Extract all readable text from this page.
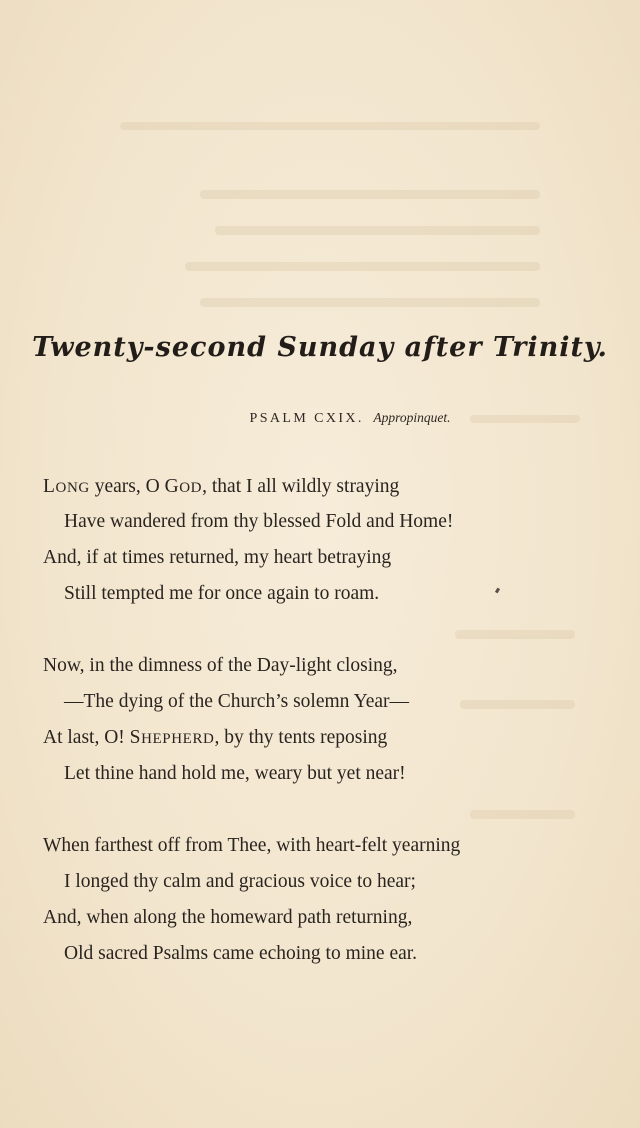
Twenty-second Sunday after Trinity.
PSALM CXIX. Appropinquet.
LONG years, O GOD, that I all wildly straying
Have wandered from thy blessed Fold and Home!
And, if at times returned, my heart betraying
Still tempted me for once again to roam.
Now, in the dimness of the Day-light closing,
—The dying of the Church’s solemn Year—
At last, O! SHEPHERD, by thy tents reposing
Let thine hand hold me, weary but yet near!
When farthest off from Thee, with heart-felt yearning
I longed thy calm and gracious voice to hear;
And, when along the homeward path returning,
Old sacred Psalms came echoing to mine ear.
